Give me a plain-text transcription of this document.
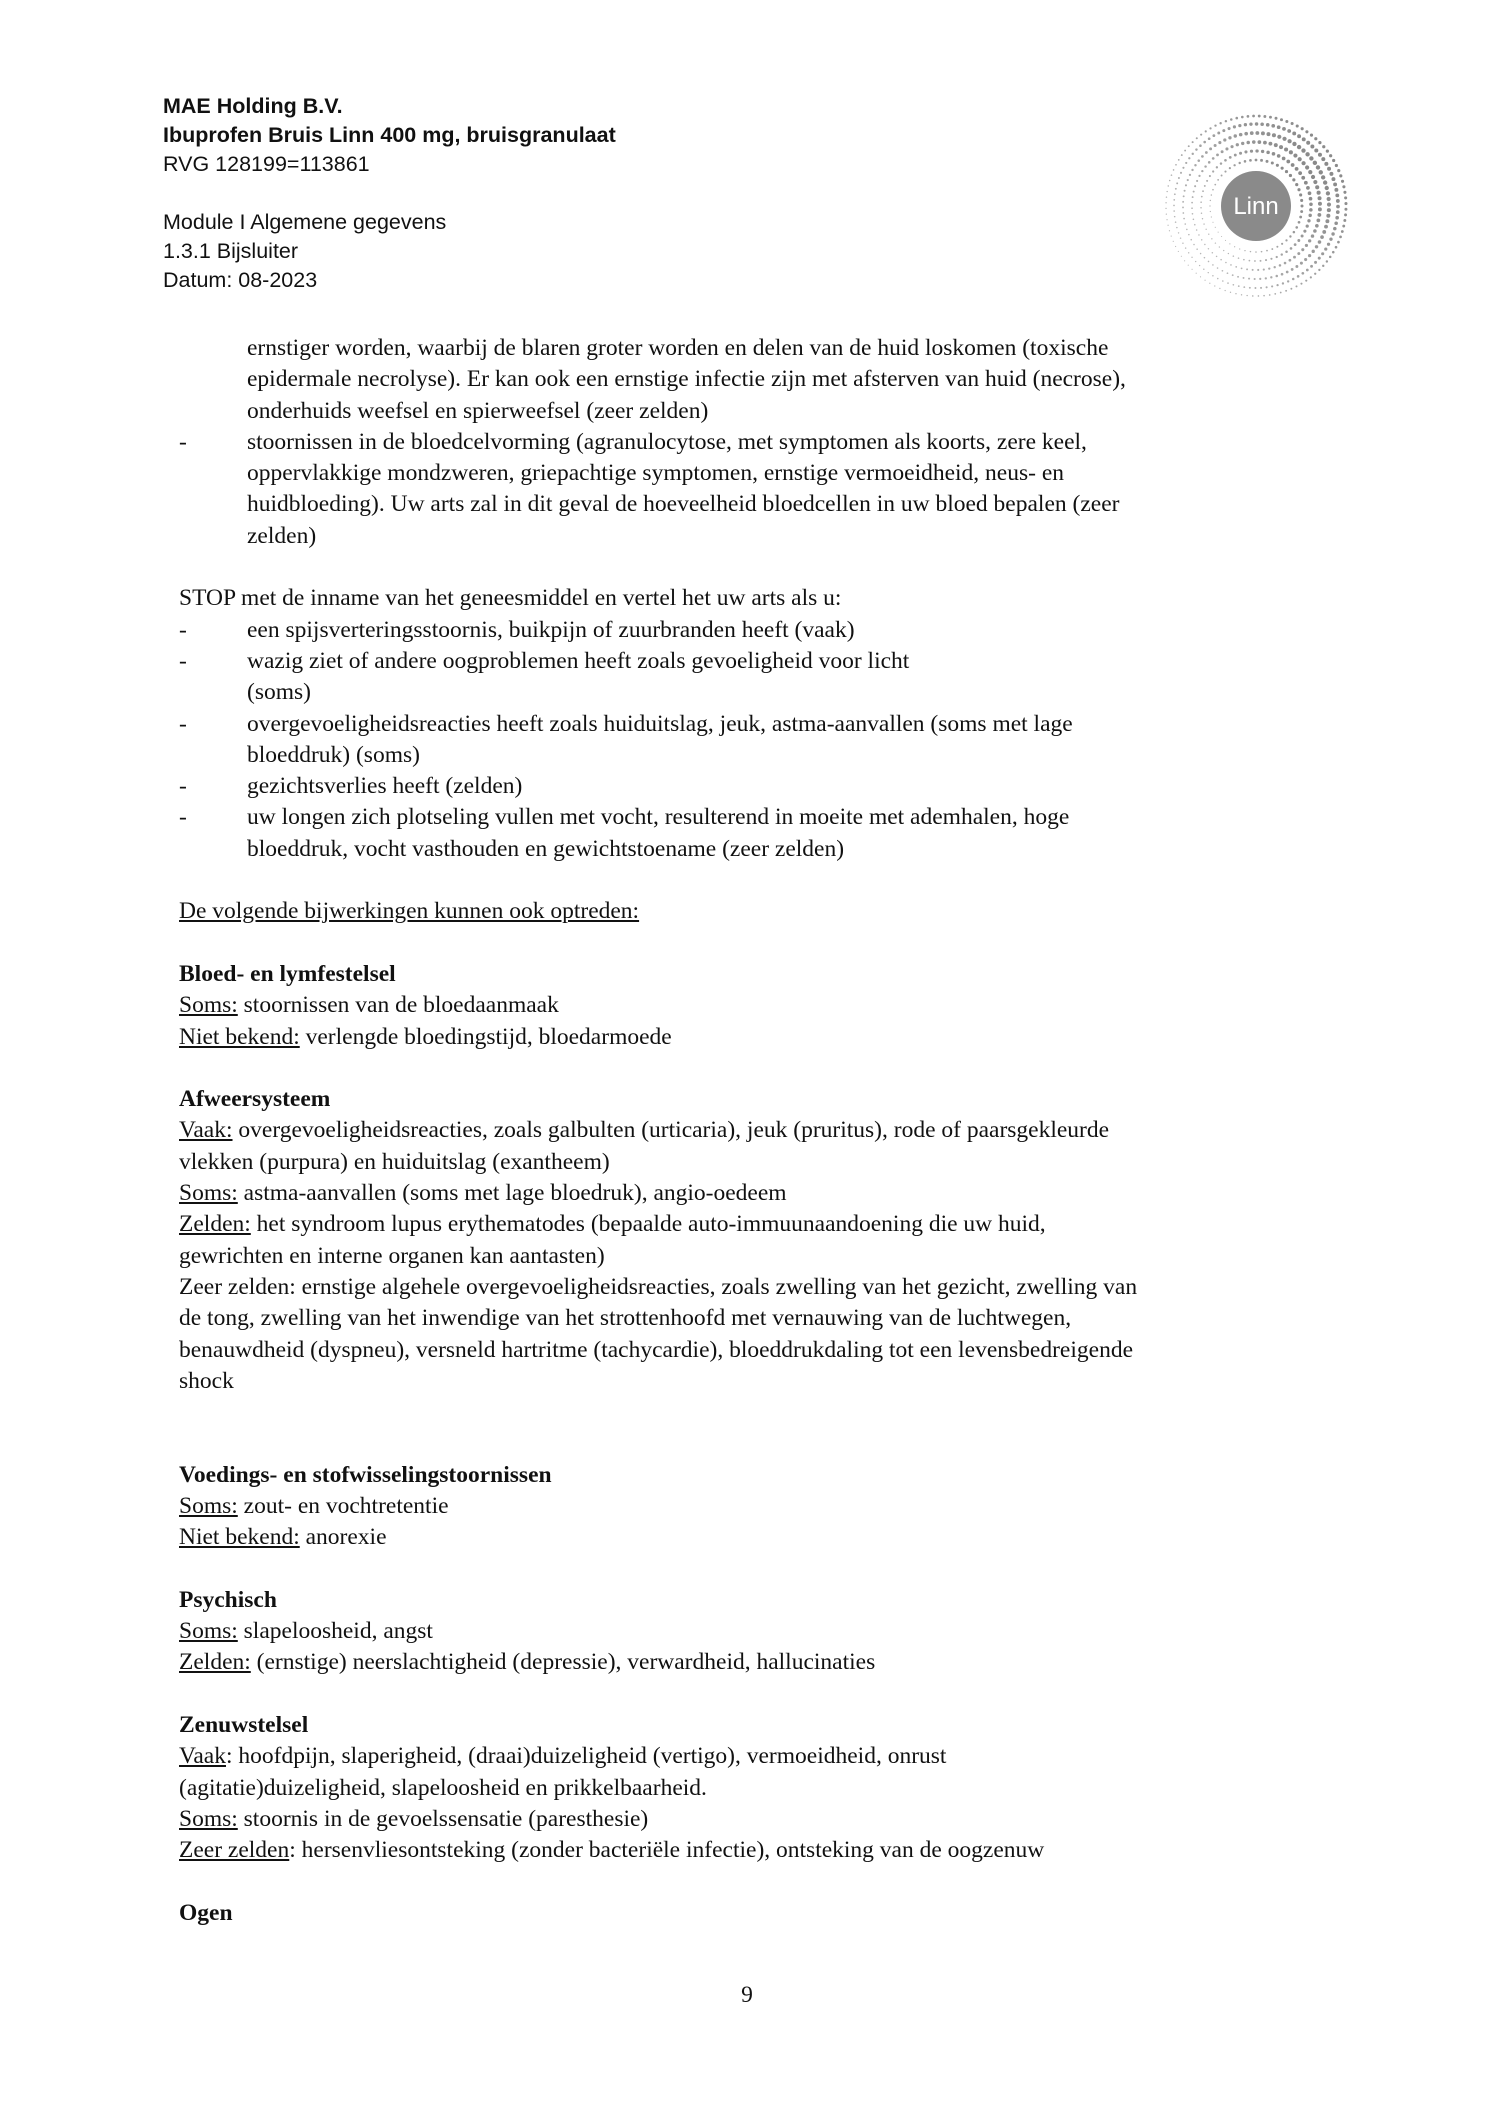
MAE Holding B.V.
Ibuprofen Bruis Linn 400 mg, bruisgranulaat
RVG 128199=113861
Module I Algemene gegevens
1.3.1 Bijsluiter
Datum: 08-2023
Linn
ernstiger worden, waarbij de blaren groter worden en delen van de huid loskomen (toxische
epidermale necrolyse). Er kan ook een ernstige infectie zijn met afsterven van huid (necrose),
onderhuids weefsel en spierweefsel (zeer zelden)
-	stoornissen in de bloedcelvorming (agranulocytose, met symptomen als koorts, zere keel,
oppervlakkige mondzweren, griepachtige symptomen, ernstige vermoeidheid, neus- en
huidbloeding). Uw arts zal in dit geval de hoeveelheid bloedcellen in uw bloed bepalen (zeer
zelden)
STOP met de inname van het geneesmiddel en vertel het uw arts als u:
-	een spijsverteringsstoornis, buikpijn of zuurbranden heeft (vaak)
-	wazig ziet of andere oogproblemen heeft zoals gevoeligheid voor licht
(soms)
-	overgevoeligheidsreacties heeft zoals huiduitslag, jeuk, astma-aanvallen (soms met lage
bloeddruk) (soms)
-	gezichtsverlies heeft (zelden)
-	uw longen zich plotseling vullen met vocht, resulterend in moeite met ademhalen, hoge
bloeddruk, vocht vasthouden en gewichtstoename (zeer zelden)
De volgende bijwerkingen kunnen ook optreden:
Bloed- en lymfestelsel
Soms: stoornissen van de bloedaanmaak
Niet bekend: verlengde bloedingstijd, bloedarmoede
Afweersysteem
Vaak: overgevoeligheidsreacties, zoals galbulten (urticaria), jeuk (pruritus), rode of paarsgekleurde
vlekken (purpura) en huiduitslag (exantheem)
Soms: astma-aanvallen (soms met lage bloedruk), angio-oedeem
Zelden: het syndroom lupus erythematodes (bepaalde auto-immuunaandoening die uw huid,
gewrichten en interne organen kan aantasten)
Zeer zelden: ernstige algehele overgevoeligheidsreacties, zoals zwelling van het gezicht, zwelling van
de tong, zwelling van het inwendige van het strottenhoofd met vernauwing van de luchtwegen,
benauwdheid (dyspneu), versneld hartritme (tachycardie), bloeddrukdaling tot een levensbedreigende
shock
Voedings- en stofwisselingstoornissen
Soms: zout- en vochtretentie
Niet bekend: anorexie
Psychisch
Soms: slapeloosheid, angst
Zelden: (ernstige) neerslachtigheid (depressie), verwardheid, hallucinaties
Zenuwstelsel
Vaak: hoofdpijn, slaperigheid, (draai)duizeligheid (vertigo), vermoeidheid, onrust
(agitatie)duizeligheid, slapeloosheid en prikkelbaarheid.
Soms: stoornis in de gevoelssensatie (paresthesie)
Zeer zelden: hersenvliesontsteking (zonder bacteriële infectie), ontsteking van de oogzenuw
Ogen
9
